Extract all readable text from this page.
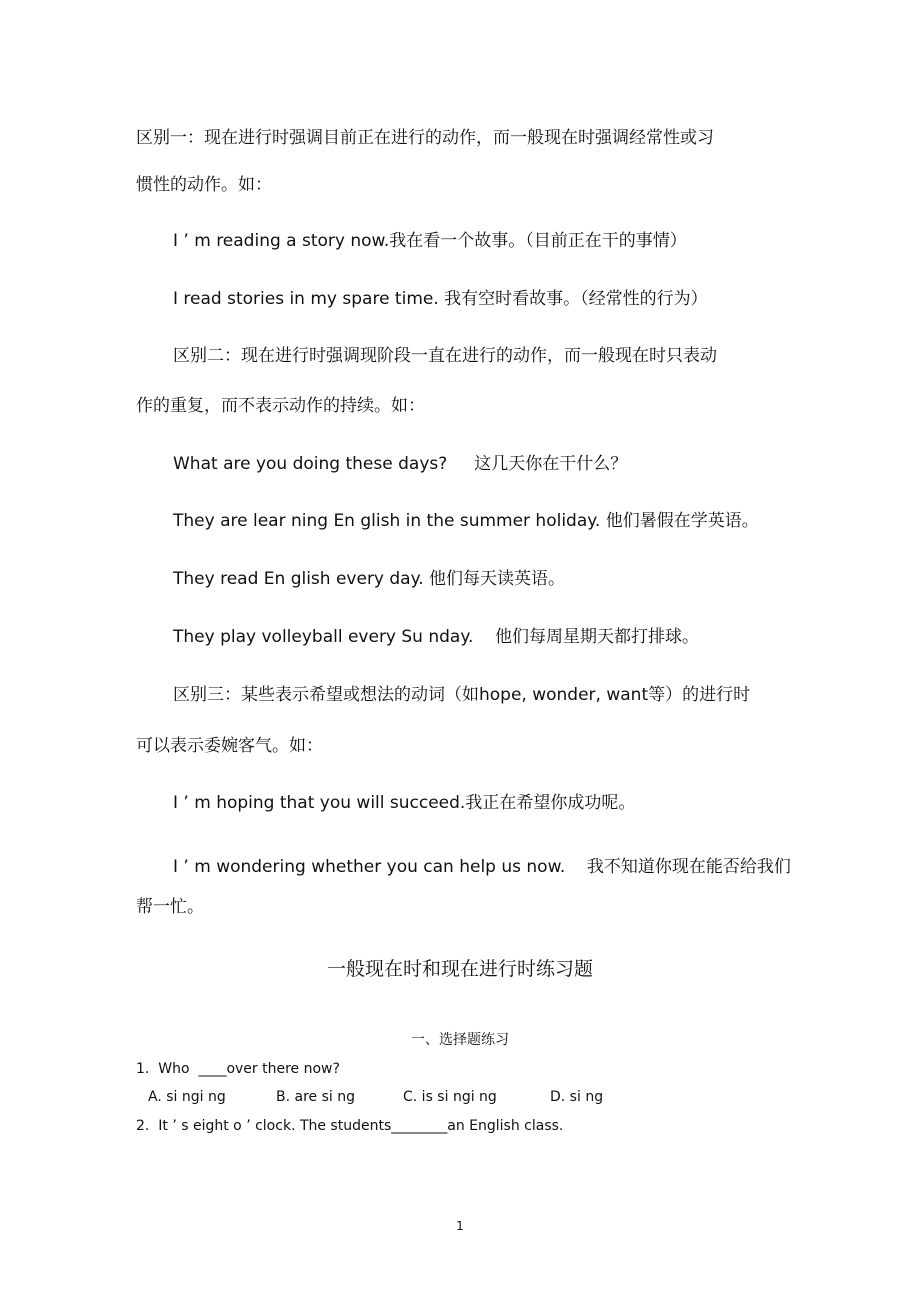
区别一：现在进行时强调目前正在进行的动作，而一般现在时强调经常性或习
惯性的动作。如：
I ’ m reading a story now.我在看一个故事。（目前正在干的事情）
I read stories in my spare time. 我有空时看故事。（经常性的行为）
区别二：现在进行时强调现阶段一直在进行的动作，而一般现在时只表动
作的重复，而不表示动作的持续。如：
What are you doing these days?     这几天你在干什么？
They are lear ning En glish in the summer holiday. 他们暑假在学英语。
They read En glish every day. 他们每天读英语。
They play volleyball every Su nday.    他们每周星期天都打排球。
区别三：某些表示希望或想法的动词（如hope, wonder, want等）的进行时
可以表示委婉客气。如：
I ’ m hoping that you will succeed.我正在希望你成功呢。
I ’ m wondering whether you can help us now.    我不知道你现在能否给我们
帮一忙。
一般现在时和现在进行时练习题
一、选择题练习
1.  Who  ____over there now?
A. si ngi ng	B. are si ng	C. is si ngi ng	D. si ng
2.  It ’ s eight o ’ clock. The students________an English class.
1
